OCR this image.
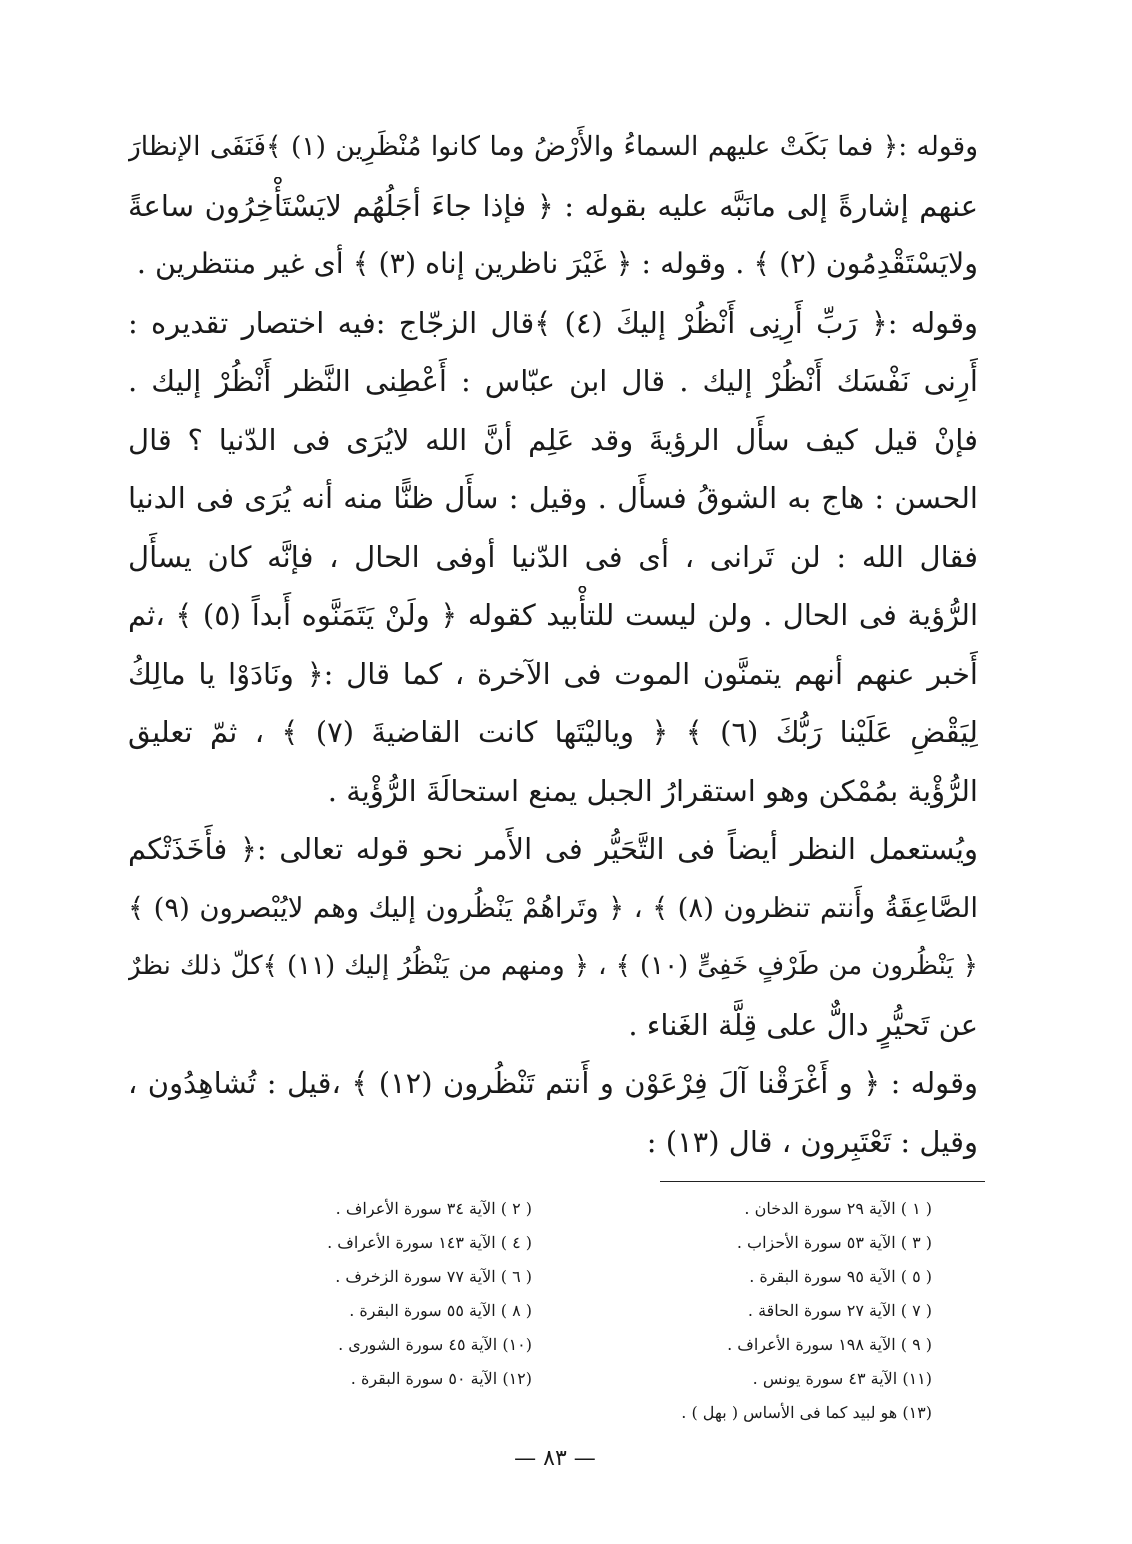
وقوله :﴿ فما بَكَتْ عليهم السماءُ والأَرْضُ وما كانوا مُنْظَرِين (١) ﴾فَنَفَى الإنظارَ
عنهم إشارةً إلى مانَبَّه عليه بقوله : ﴿ فإذا جاءَ أجَلُهُم لايَسْتَأْخِرُون ساعةً
ولايَسْتَقْدِمُون (٢) ﴾ . وقوله : ﴿ غَيْرَ ناظرين إناه (٣) ﴾ أى غير منتظرين .
وقوله :﴿ رَبِّ أَرِنِى أَنْظُرْ إليكَ (٤) ﴾قال الزجّاج :فيه اختصار تقديره :
أَرِنى نَفْسَك أَنْظُرْ إليك . قال ابن عبّاس : أَعْطِنى النَّظر أَنْظُرْ إليك .
فإنْ قيل كيف سأَل الرؤيةَ وقد عَلِم أنَّ الله لايُرَى فى الدّنيا ؟ قال
الحسن : هاج به الشوقُ فسأَل . وقيل : سأَل ظنًّا منه أنه يُرَى فى الدنيا
فقال الله : لن تَرانى ، أى فى الدّنيا أوفى الحال ، فإنَّه كان يسأَل
الرُّؤية فى الحال . ولن ليست للتأْبيد كقوله ﴿ ولَنْ يَتَمَنَّوه أَبداً (٥) ﴾ ،ثم
أَخبر عنهم أنهم يتمنَّون الموت فى الآخرة ، كما قال :﴿ ونَادَوْا يا مالِكُ
لِيَقْضِ عَلَيْنا رَبُّكَ (٦) ﴾ ﴿ وياليْتَها كانت القاضيةَ (٧) ﴾ ، ثمّ تعليق
الرُّؤْية بمُمْكن وهو استقرارُ الجبل يمنع استحالَةَ الرُّؤْية .
ويُستعمل النظر أيضاً فى التَّحَيُّر فى الأَمر نحو قوله تعالى :﴿ فأَخَذَتْكم
الصَّاعِقَةُ وأَنتم تنظرون (٨) ﴾ ، ﴿ وتَراهُمْ يَنْظُرون إليك وهم لايُبْصرون (٩) ﴾
﴿ يَنْظُرون من طَرْفٍ خَفِىٍّ (١٠) ﴾ ، ﴿ ومنهم من يَنْظُرُ إليك (١١) ﴾كلّ ذلك نظرٌ
عن تَحيُّرٍ دالٌّ على قِلَّة الغَناء .
وقوله : ﴿ و أَغْرَقْنا آلَ فِرْعَوْن و أَنتم تَنْظُرون (١٢) ﴾ ،قيل : تُشاهِدُون ،
وقيل : تَعْتَبِرون ، قال (١٣) :
( ١ ) الآية ٢٩ سورة الدخان .
( ٣ ) الآية ٥٣ سورة الأحزاب .
( ٥ ) الآية ٩٥ سورة البقرة .
( ٧ ) الآية ٢٧ سورة الحاقة .
( ٩ ) الآية ١٩٨ سورة الأعراف .
(١١) الآية ٤٣ سورة يونس .
(١٣) هو لبيد كما فى الأساس ( بهل ) .
( ٢ ) الآية ٣٤ سورة الأعراف .
( ٤ ) الآية ١٤٣ سورة الأعراف .
( ٦ ) الآية ٧٧ سورة الزخرف .
( ٨ ) الآية ٥٥ سورة البقرة .
(١٠) الآية ٤٥ سورة الشورى .
(١٢) الآية ٥٠ سورة البقرة .
— ٨٣ —
